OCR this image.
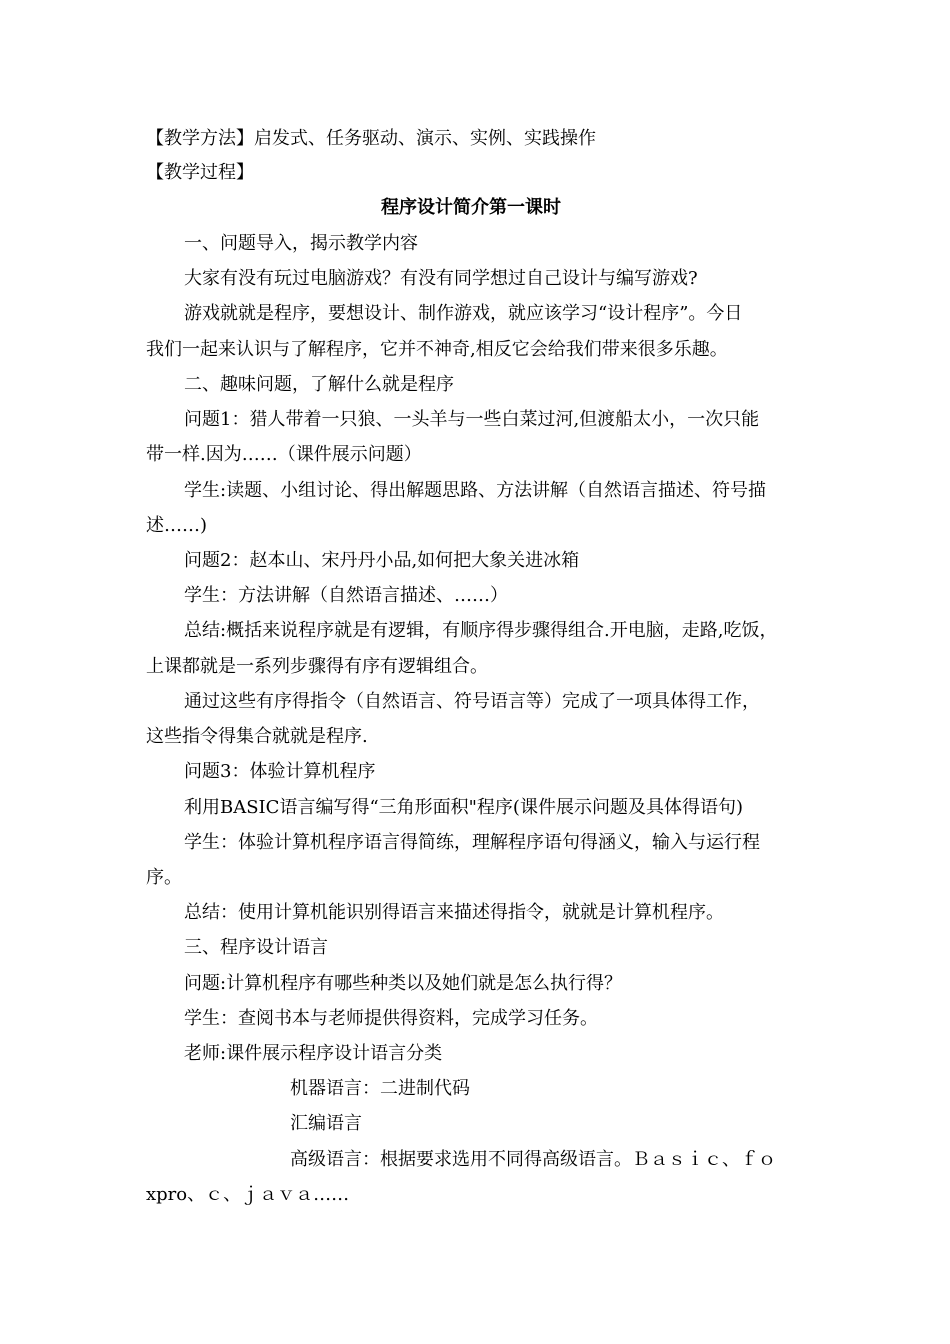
【教学方法】启发式、任务驱动、演示、实例、实践操作
【教学过程】
程序设计简介第一课时
一、问题导入，揭示教学内容
大家有没有玩过电脑游戏？有没有同学想过自己设计与编写游戏?
游戏就就是程序，要想设计、制作游戏，就应该学习“设计程序”。今日
我们一起来认识与了解程序，它并不神奇,相反它会给我们带来很多乐趣。
二、趣味问题，了解什么就是程序
问题1：猎人带着一只狼、一头羊与一些白菜过河,但渡船太小，一次只能
带一样.因为……（课件展示问题）
学生:读题、小组讨论、得出解题思路、方法讲解（自然语言描述、符号描
述……)
问题2：赵本山、宋丹丹小品,如何把大象关进冰箱
学生：方法讲解（自然语言描述、……）
总结:概括来说程序就是有逻辑，有顺序得步骤得组合.开电脑，走路,吃饭，
上课都就是一系列步骤得有序有逻辑组合。
通过这些有序得指令（自然语言、符号语言等）完成了一项具体得工作，
这些指令得集合就就是程序.
问题3：体验计算机程序
利用BASIC语言编写得“三角形面积"程序(课件展示问题及具体得语句)
学生：体验计算机程序语言得简练，理解程序语句得涵义，输入与运行程
序。
总结：使用计算机能识别得语言来描述得指令，就就是计算机程序。
三、程序设计语言
问题:计算机程序有哪些种类以及她们就是怎么执行得？
学生：查阅书本与老师提供得资料，完成学习任务。
老师:课件展示程序设计语言分类
机器语言：二进制代码
汇编语言
高级语言：根据要求选用不同得高级语言。Ｂａｓｉｃ、ｆｏ
xpro、ｃ、ｊａｖａ……
